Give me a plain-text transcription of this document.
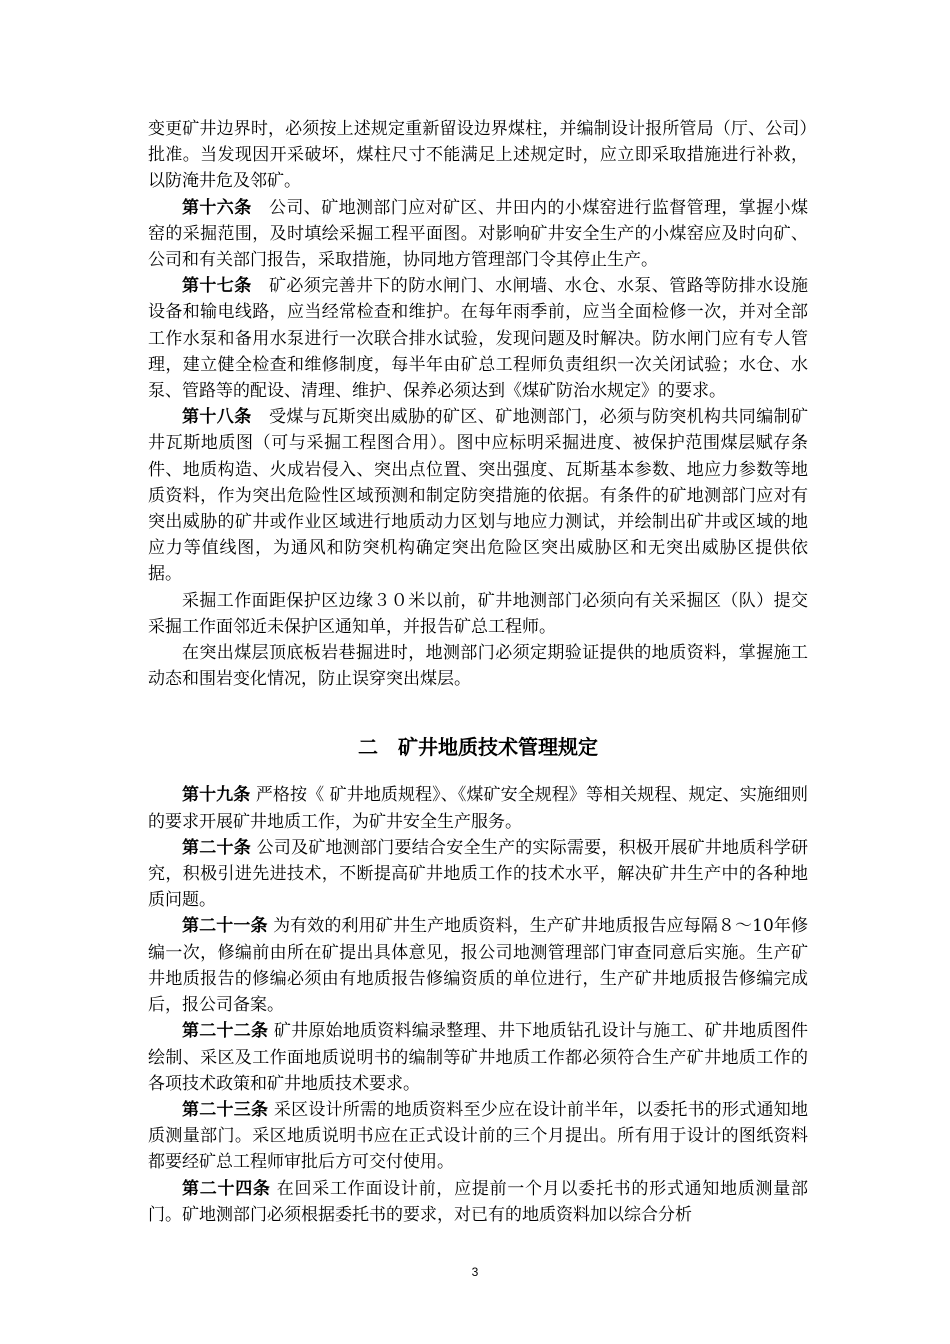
变更矿井边界时，必须按上述规定重新留设边界煤柱，并编制设计报所管局（厅、公司）批准。当发现因开采破坏，煤柱尺寸不能满足上述规定时，应立即采取措施进行补救，以防淹井危及邻矿。

第十六条　公司、矿地测部门应对矿区、井田内的小煤窑进行监督管理，掌握小煤窑的采掘范围，及时填绘采掘工程平面图。对影响矿井安全生产的小煤窑应及时向矿、公司和有关部门报告，采取措施，协同地方管理部门令其停止生产。

第十七条　矿必须完善井下的防水闸门、水闸墙、水仓、水泵、管路等防排水设施设备和输电线路，应当经常检查和维护。在每年雨季前，应当全面检修一次，并对全部工作水泵和备用水泵进行一次联合排水试验，发现问题及时解决。防水闸门应有专人管理，建立健全检查和维修制度，每半年由矿总工程师负责组织一次关闭试验；水仓、水泵、管路等的配设、清理、维护、保养必须达到《煤矿防治水规定》的要求。

第十八条　受煤与瓦斯突出威胁的矿区、矿地测部门，必须与防突机构共同编制矿井瓦斯地质图（可与采掘工程图合用）。图中应标明采掘进度、被保护范围煤层赋存条件、地质构造、火成岩侵入、突出点位置、突出强度、瓦斯基本参数、地应力参数等地质资料，作为突出危险性区域预测和制定防突措施的依据。有条件的矿地测部门应对有突出威胁的矿井或作业区域进行地质动力区划与地应力测试，并绘制出矿井或区域的地应力等值线图，为通风和防突机构确定突出危险区突出威胁区和无突出威胁区提供依据。

采掘工作面距保护区边缘３０米以前，矿井地测部门必须向有关采掘区（队）提交采掘工作面邻近未保护区通知单，并报告矿总工程师。

在突出煤层顶底板岩巷掘进时，地测部门必须定期验证提供的地质资料，掌握施工动态和围岩变化情况，防止误穿突出煤层。

二　矿井地质技术管理规定

第十九条 严格按《 矿井地质规程》、《煤矿安全规程》等相关规程、规定、实施细则的要求开展矿井地质工作，为矿井安全生产服务。

第二十条 公司及矿地测部门要结合安全生产的实际需要，积极开展矿井地质科学研究，积极引进先进技术，不断提高矿井地质工作的技术水平，解决矿井生产中的各种地质问题。

第二十一条 为有效的利用矿井生产地质资料，生产矿井地质报告应每隔８～10年修编一次，修编前由所在矿提出具体意见，报公司地测管理部门审查同意后实施。生产矿井地质报告的修编必须由有地质报告修编资质的单位进行，生产矿井地质报告修编完成后，报公司备案。

第二十二条 矿井原始地质资料编录整理、井下地质钻孔设计与施工、矿井地质图件绘制、采区及工作面地质说明书的编制等矿井地质工作都必须符合生产矿井地质工作的各项技术政策和矿井地质技术要求。

第二十三条 采区设计所需的地质资料至少应在设计前半年，以委托书的形式通知地质测量部门。采区地质说明书应在正式设计前的三个月提出。所有用于设计的图纸资料都要经矿总工程师审批后方可交付使用。

第二十四条 在回采工作面设计前，应提前一个月以委托书的形式通知地质测量部门。矿地测部门必须根据委托书的要求，对已有的地质资料加以综合分析

3
